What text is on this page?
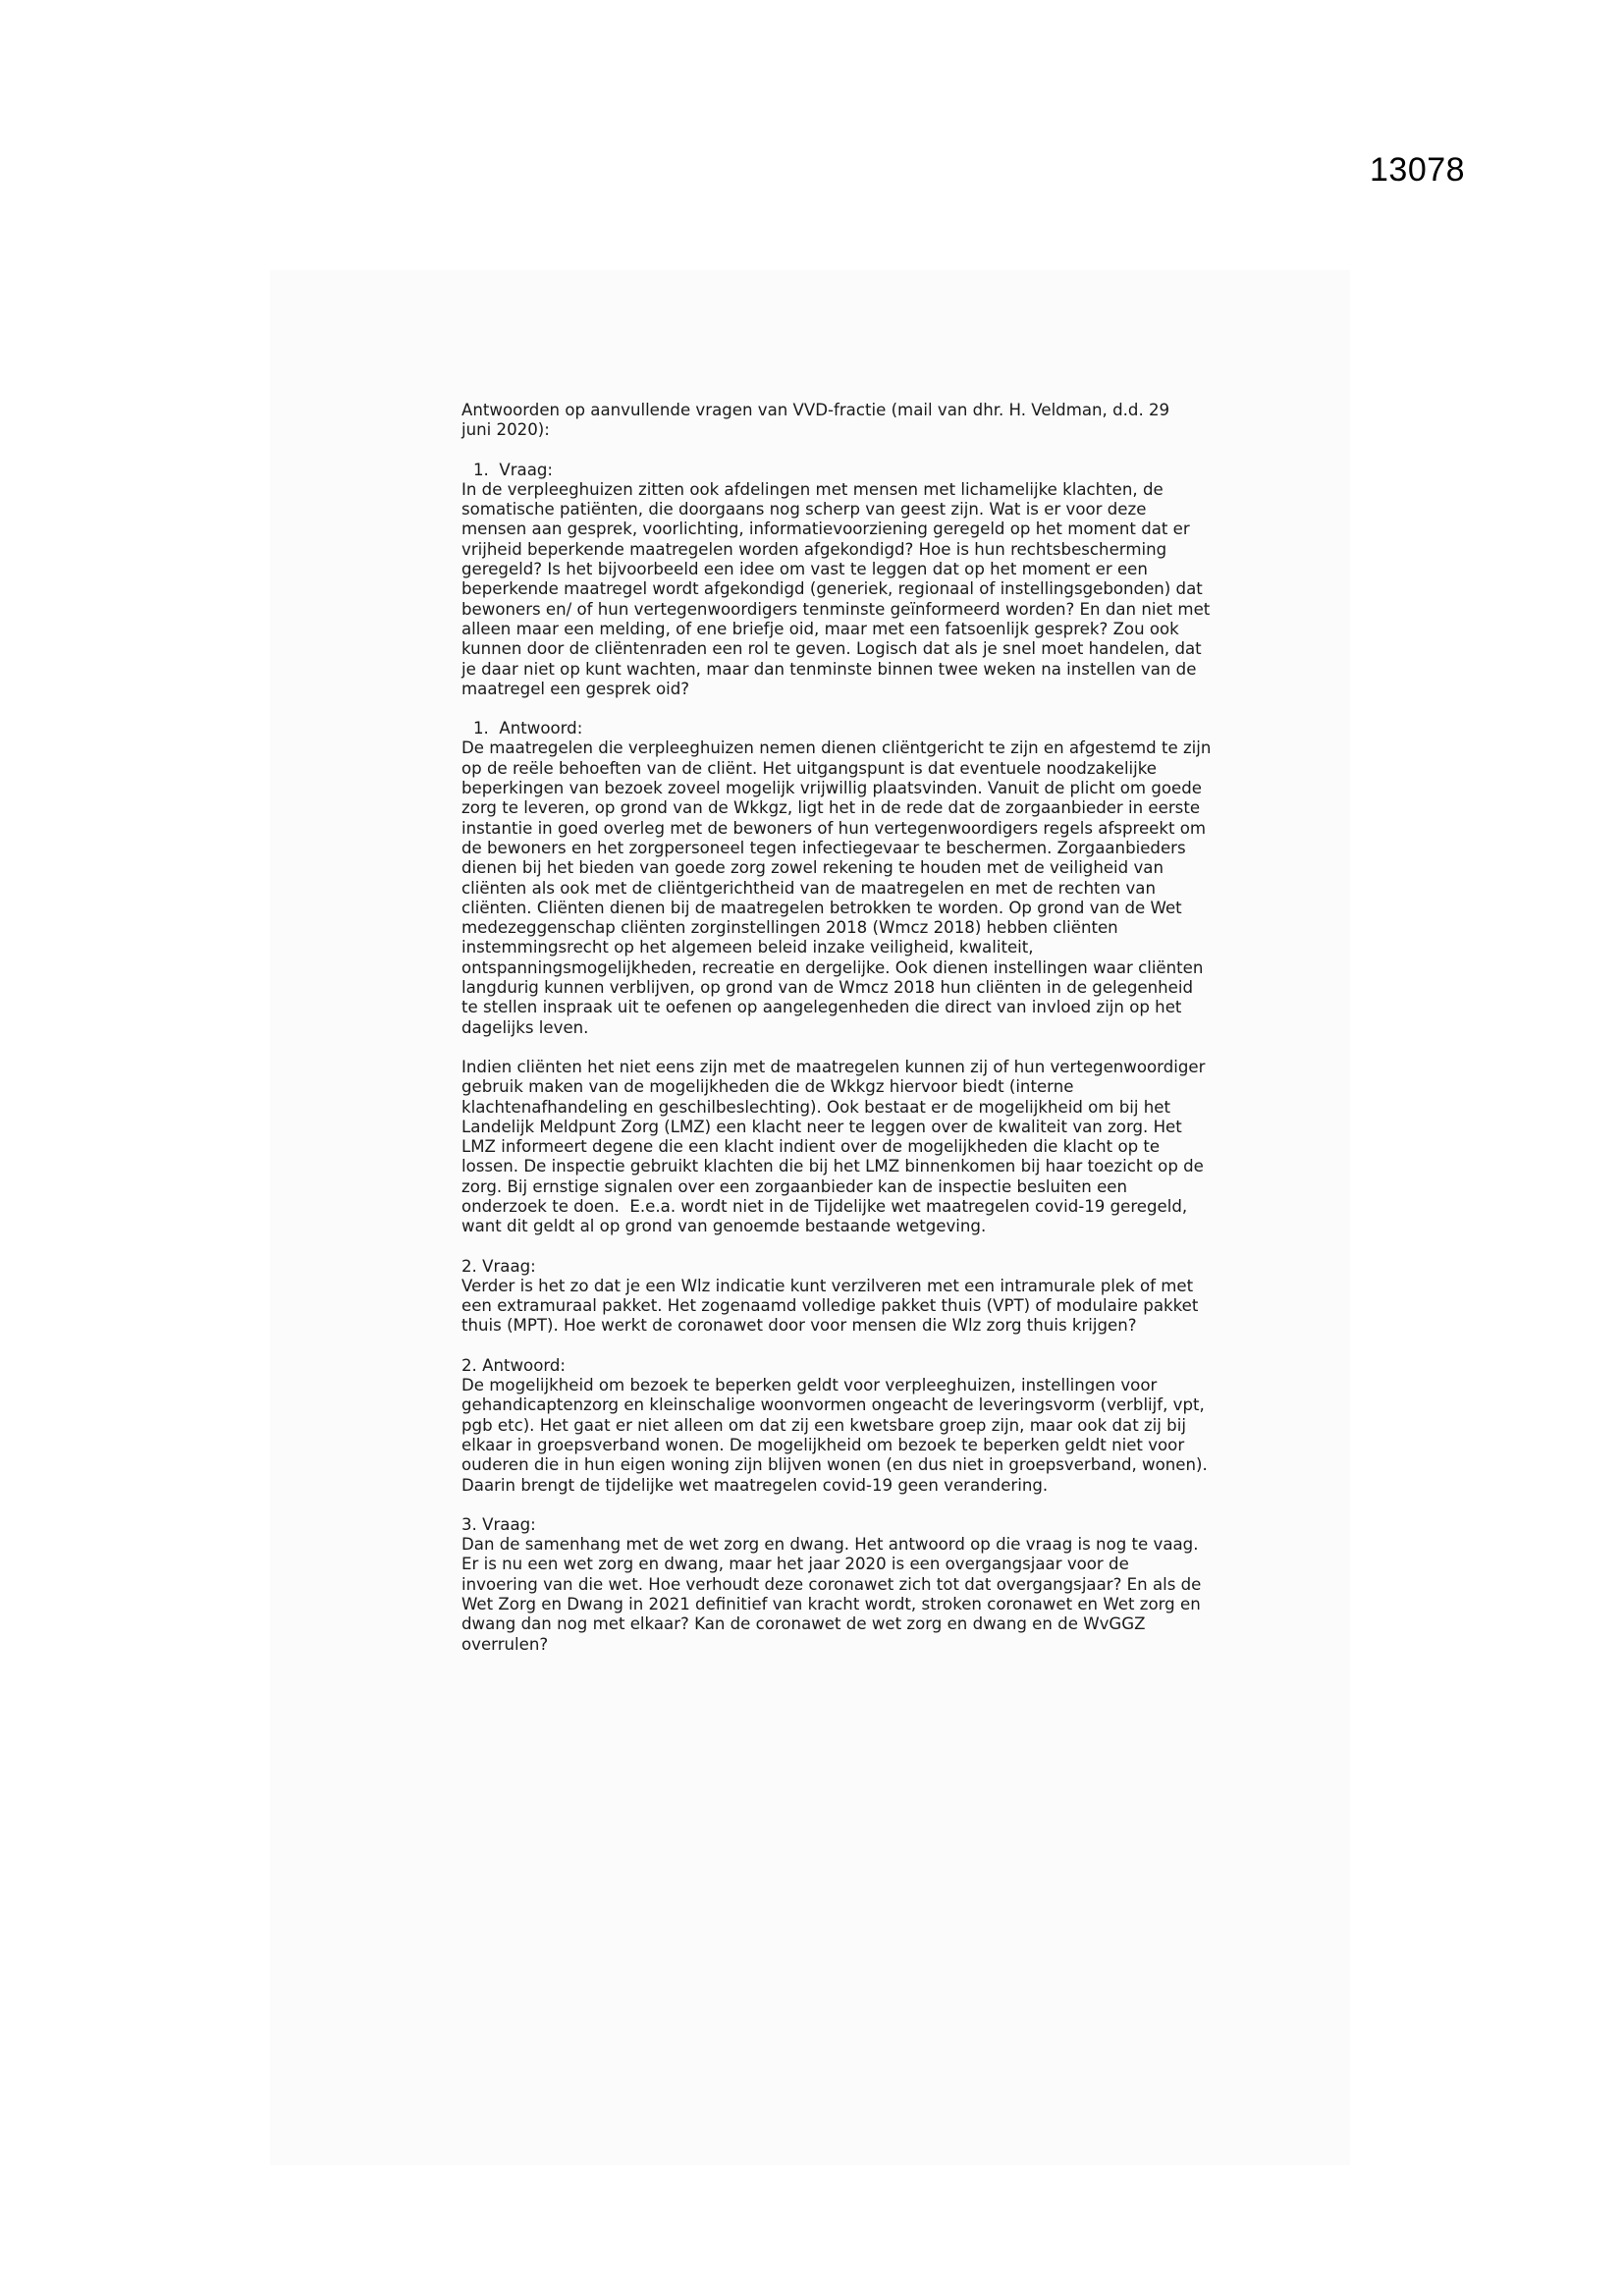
13078

Antwoorden op aanvullende vragen van VVD-fractie (mail van dhr. H. Veldman, d.d. 29
juni 2020):

1.  Vraag:

In de verpleeghuizen zitten ook afdelingen met mensen met lichamelijke klachten, de
somatische patiënten, die doorgaans nog scherp van geest zijn. Wat is er voor deze
mensen aan gesprek, voorlichting, informatievoorziening geregeld op het moment dat er
vrijheid beperkende maatregelen worden afgekondigd? Hoe is hun rechtsbescherming
geregeld? Is het bijvoorbeeld een idee om vast te leggen dat op het moment er een
beperkende maatregel wordt afgekondigd (generiek, regionaal of instellingsgebonden) dat
bewoners en/ of hun vertegenwoordigers tenminste geïnformeerd worden? En dan niet met
alleen maar een melding, of ene briefje oid, maar met een fatsoenlijk gesprek? Zou ook
kunnen door de cliëntenraden een rol te geven. Logisch dat als je snel moet handelen, dat
je daar niet op kunt wachten, maar dan tenminste binnen twee weken na instellen van de
maatregel een gesprek oid?

1.  Antwoord:

De maatregelen die verpleeghuizen nemen dienen cliëntgericht te zijn en afgestemd te zijn
op de reële behoeften van de cliënt. Het uitgangspunt is dat eventuele noodzakelijke
beperkingen van bezoek zoveel mogelijk vrijwillig plaatsvinden. Vanuit de plicht om goede
zorg te leveren, op grond van de Wkkgz, ligt het in de rede dat de zorgaanbieder in eerste
instantie in goed overleg met de bewoners of hun vertegenwoordigers regels afspreekt om
de bewoners en het zorgpersoneel tegen infectiegevaar te beschermen. Zorgaanbieders
dienen bij het bieden van goede zorg zowel rekening te houden met de veiligheid van
cliënten als ook met de cliëntgerichtheid van de maatregelen en met de rechten van
cliënten. Cliënten dienen bij de maatregelen betrokken te worden. Op grond van de Wet
medezeggenschap cliënten zorginstellingen 2018 (Wmcz 2018) hebben cliënten
instemmingsrecht op het algemeen beleid inzake veiligheid, kwaliteit,
ontspanningsmogelijkheden, recreatie en dergelijke. Ook dienen instellingen waar cliënten
langdurig kunnen verblijven, op grond van de Wmcz 2018 hun cliënten in de gelegenheid
te stellen inspraak uit te oefenen op aangelegenheden die direct van invloed zijn op het
dagelijks leven.

Indien cliënten het niet eens zijn met de maatregelen kunnen zij of hun vertegenwoordiger
gebruik maken van de mogelijkheden die de Wkkgz hiervoor biedt (interne
klachtenafhandeling en geschilbeslechting). Ook bestaat er de mogelijkheid om bij het
Landelijk Meldpunt Zorg (LMZ) een klacht neer te leggen over de kwaliteit van zorg. Het
LMZ informeert degene die een klacht indient over de mogelijkheden die klacht op te
lossen. De inspectie gebruikt klachten die bij het LMZ binnenkomen bij haar toezicht op de
zorg. Bij ernstige signalen over een zorgaanbieder kan de inspectie besluiten een
onderzoek te doen.  E.e.a. wordt niet in de Tijdelijke wet maatregelen covid-19 geregeld,
want dit geldt al op grond van genoemde bestaande wetgeving.

2. Vraag:

Verder is het zo dat je een Wlz indicatie kunt verzilveren met een intramurale plek of met
een extramuraal pakket. Het zogenaamd volledige pakket thuis (VPT) of modulaire pakket
thuis (MPT). Hoe werkt de coronawet door voor mensen die Wlz zorg thuis krijgen?

2. Antwoord:

De mogelijkheid om bezoek te beperken geldt voor verpleeghuizen, instellingen voor
gehandicaptenzorg en kleinschalige woonvormen ongeacht de leveringsvorm (verblijf, vpt,
pgb etc). Het gaat er niet alleen om dat zij een kwetsbare groep zijn, maar ook dat zij bij
elkaar in groepsverband wonen. De mogelijkheid om bezoek te beperken geldt niet voor
ouderen die in hun eigen woning zijn blijven wonen (en dus niet in groepsverband, wonen).
Daarin brengt de tijdelijke wet maatregelen covid-19 geen verandering.

3. Vraag:

Dan de samenhang met de wet zorg en dwang. Het antwoord op die vraag is nog te vaag.
Er is nu een wet zorg en dwang, maar het jaar 2020 is een overgangsjaar voor de
invoering van die wet. Hoe verhoudt deze coronawet zich tot dat overgangsjaar? En als de
Wet Zorg en Dwang in 2021 definitief van kracht wordt, stroken coronawet en Wet zorg en
dwang dan nog met elkaar? Kan de coronawet de wet zorg en dwang en de WvGGZ
overrulen?
